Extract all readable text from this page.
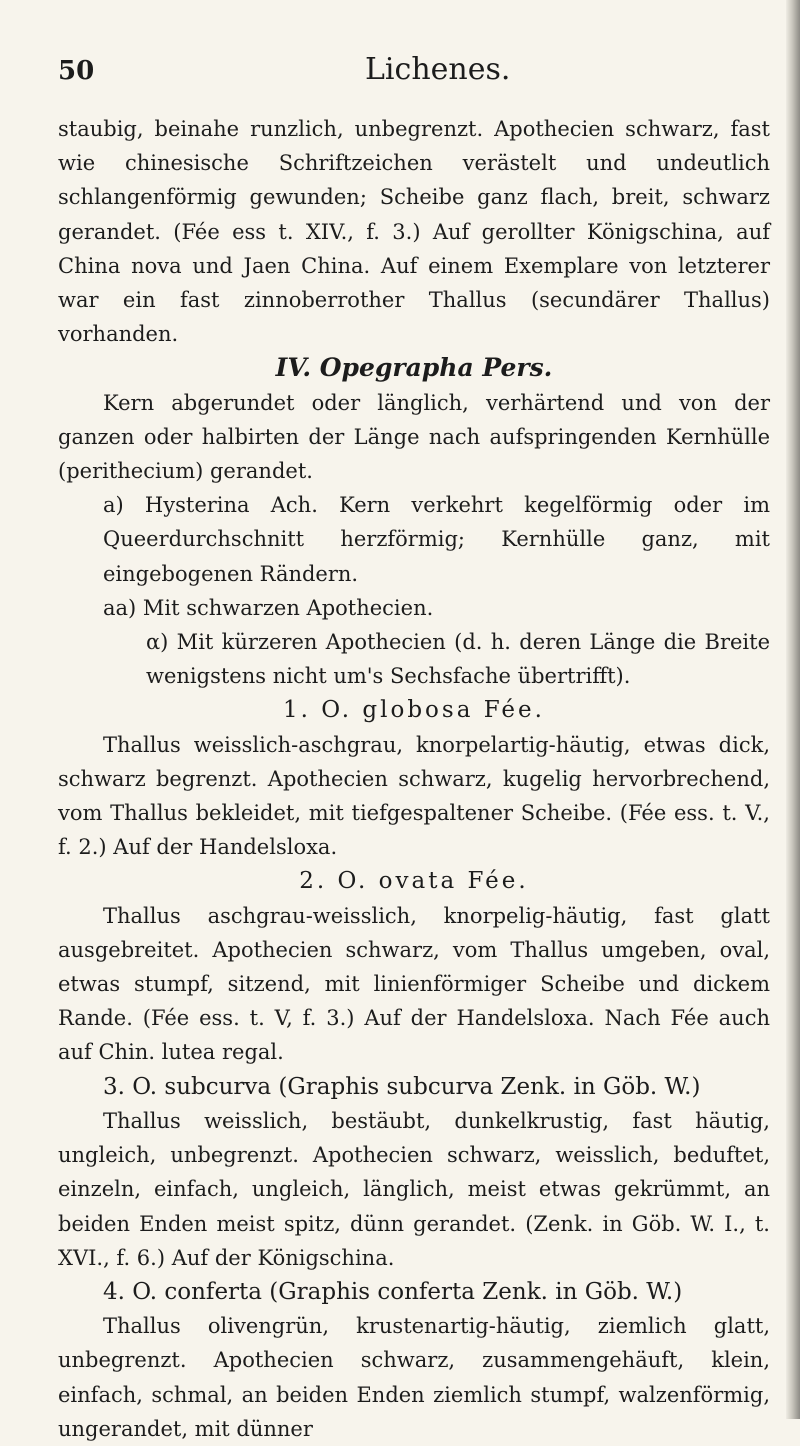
50	Lichenes.

staubig, beinahe runzlich, unbegrenzt. Apothecien schwarz, fast wie chinesische Schriftzeichen verästelt und undeutlich schlangenförmig gewunden; Scheibe ganz flach, breit, schwarz gerandet. (Fée ess t. XIV., f. 3.) Auf gerollter Königschina, auf China nova und Jaen China. Auf einem Exemplare von letzterer war ein fast zinnoberrother Thallus (secundärer Thallus) vorhanden.

IV. Opegrapha Pers.

Kern abgerundet oder länglich, verhärtend und von der ganzen oder halbirten der Länge nach aufspringenden Kernhülle (perithecium) gerandet.

a) Hysterina Ach. Kern verkehrt kegelförmig oder im Queerdurchschnitt herzförmig; Kernhülle ganz, mit eingebogenen Rändern.

aa) Mit schwarzen Apothecien.

α) Mit kürzeren Apothecien (d. h. deren Länge die Breite wenigstens nicht um's Sechsfache übertrifft).

1. O. globosa Fée.

Thallus weisslich-aschgrau, knorpelartig-häutig, etwas dick, schwarz begrenzt. Apothecien schwarz, kugelig hervorbrechend, vom Thallus bekleidet, mit tiefgespaltener Scheibe. (Fée ess. t. V., f. 2.) Auf der Handelsloxa.

2. O. ovata Fée.

Thallus aschgrau-weisslich, knorpelig-häutig, fast glatt ausgebreitet. Apothecien schwarz, vom Thallus umgeben, oval, etwas stumpf, sitzend, mit linienförmiger Scheibe und dickem Rande. (Fée ess. t. V, f. 3.) Auf der Handelsloxa. Nach Fée auch auf Chin. lutea regal.

3. O. subcurva (Graphis subcurva Zenk. in Göb. W.)

Thallus weisslich, bestäubt, dunkelkrustig, fast häutig, ungleich, unbegrenzt. Apothecien schwarz, weisslich, beduftet, einzeln, einfach, ungleich, länglich, meist etwas gekrümmt, an beiden Enden meist spitz, dünn gerandet. (Zenk. in Göb. W. I., t. XVI., f. 6.) Auf der Königschina.

4. O. conferta (Graphis conferta Zenk. in Göb. W.)

Thallus olivengrün, krustenartig-häutig, ziemlich glatt, unbegrenzt. Apothecien schwarz, zusammengehäuft, klein, einfach, schmal, an beiden Enden ziemlich stumpf, walzenförmig, ungerandet, mit dünner
